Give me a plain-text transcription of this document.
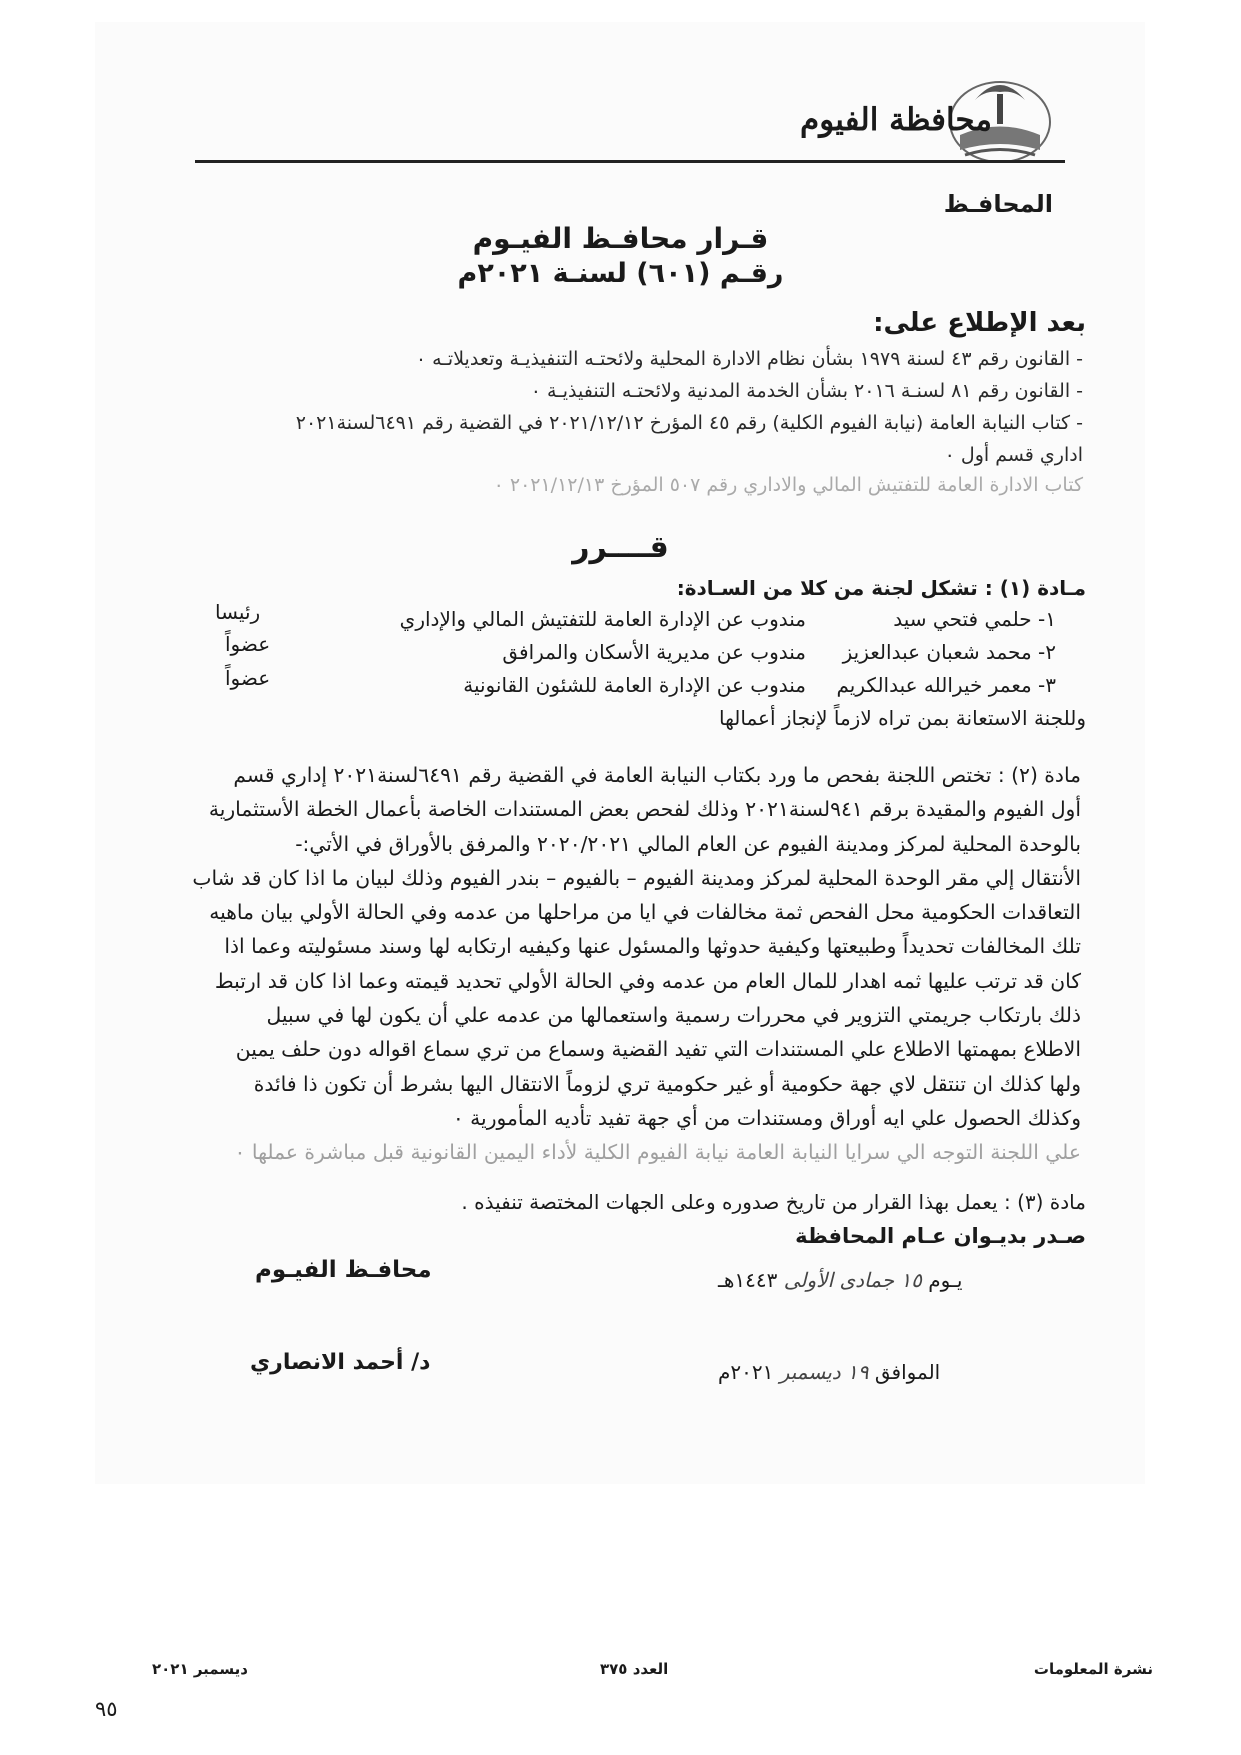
محافظة الفيوم
المحافـظ
قـرار محافـظ الفيـوم
رقـم (٦٠١) لسنـة ٢٠٢١م
بعد الإطلاع على:
- القانون رقم ٤٣ لسنة ١٩٧٩ بشأن نظام الادارة المحلية ولائحتـه التنفيذيـة وتعديلاتـه ٠
- القانون رقم ٨١ لسنـة ٢٠١٦ بشأن الخدمة المدنية ولائحتـه التنفيذيـة ٠
- كتاب النيابة العامة (نيابة الفيوم الكلية) رقم ٤٥ المؤرخ ٢٠٢١/١٢/١٢ في القضية رقم ٦٤٩١لسنة٢٠٢١
اداري قسم أول ٠
كتاب الادارة العامة للتفتيش المالي والاداري رقم ٥٠٧ المؤرخ ٢٠٢١/١٢/١٣ ٠
قــــرر
مـادة (١) : تشكل لجنة من كلا من السـادة:
١- حلمي فتحي سيد
مندوب عن الإدارة العامة للتفتيش المالي والإداري
رئيسا
٢- محمد شعبان عبدالعزيز
مندوب عن مديرية الأسكان والمرافق
عضواً
٣- معمر خيرالله عبدالكريم
مندوب عن الإدارة العامة للشئون القانونية
عضواً
وللجنة الاستعانة بمن تراه لازماً لإنجاز أعمالها

مادة (٢) : تختص اللجنة بفحص ما ورد بكتاب النيابة العامة في القضية رقم ٦٤٩١لسنة٢٠٢١ إداري قسم

أول الفيوم والمقيدة برقم ٩٤١لسنة٢٠٢١ وذلك لفحص بعض المستندات الخاصة بأعمال الخطة الأستثمارية

بالوحدة المحلية لمركز ومدينة الفيوم عن العام المالي ٢٠٢٠/٢٠٢١ والمرفق بالأوراق في الأتي:-

الأنتقال إلي مقر الوحدة المحلية لمركز ومدينة الفيوم – بالفيوم – بندر الفيوم وذلك لبيان ما اذا كان قد شاب

التعاقدات الحكومية محل الفحص ثمة مخالفات في ايا من مراحلها من عدمه وفي الحالة الأولي بيان ماهيه

تلك المخالفات تحديداً وطبيعتها وكيفية حدوثها والمسئول عنها وكيفيه ارتكابه لها وسند مسئوليته وعما اذا

كان قد ترتب عليها ثمه اهدار للمال العام من عدمه وفي الحالة الأولي تحديد قيمته وعما اذا كان قد ارتبط

ذلك بارتكاب جريمتي التزوير في محررات رسمية واستعمالها من عدمه علي أن يكون لها في سبيل

الاطلاع بمهمتها الاطلاع علي المستندات التي تفيد القضية وسماع من تري سماع اقواله دون حلف يمين

ولها كذلك ان تنتقل لاي جهة حكومية أو غير حكومية تري لزوماً الانتقال اليها بشرط أن تكون ذا فائدة

وكذلك الحصول علي ايه أوراق ومستندات من أي جهة تفيد تأديه المأمورية ٠

علي اللجنة التوجه الي سرايا النيابة العامة نيابة الفيوم الكلية لأداء اليمين القانونية قبل مباشرة عملها ٠

مادة (٣) : يعمل بهذا القرار من تاريخ صدوره وعلى الجهات المختصة تنفيذه .
صـدر بديـوان عـام المحافظة
محافـظ الفيـوم
د/ أحمد الانصاري
يـوم ١٥ جمادى الأولى ١٤٤٣هـ
الموافق ١٩ ديسمبر ٢٠٢١م
نشرة المعلومات
العدد ٣٧٥
ديسمبر ٢٠٢١
٩٥
